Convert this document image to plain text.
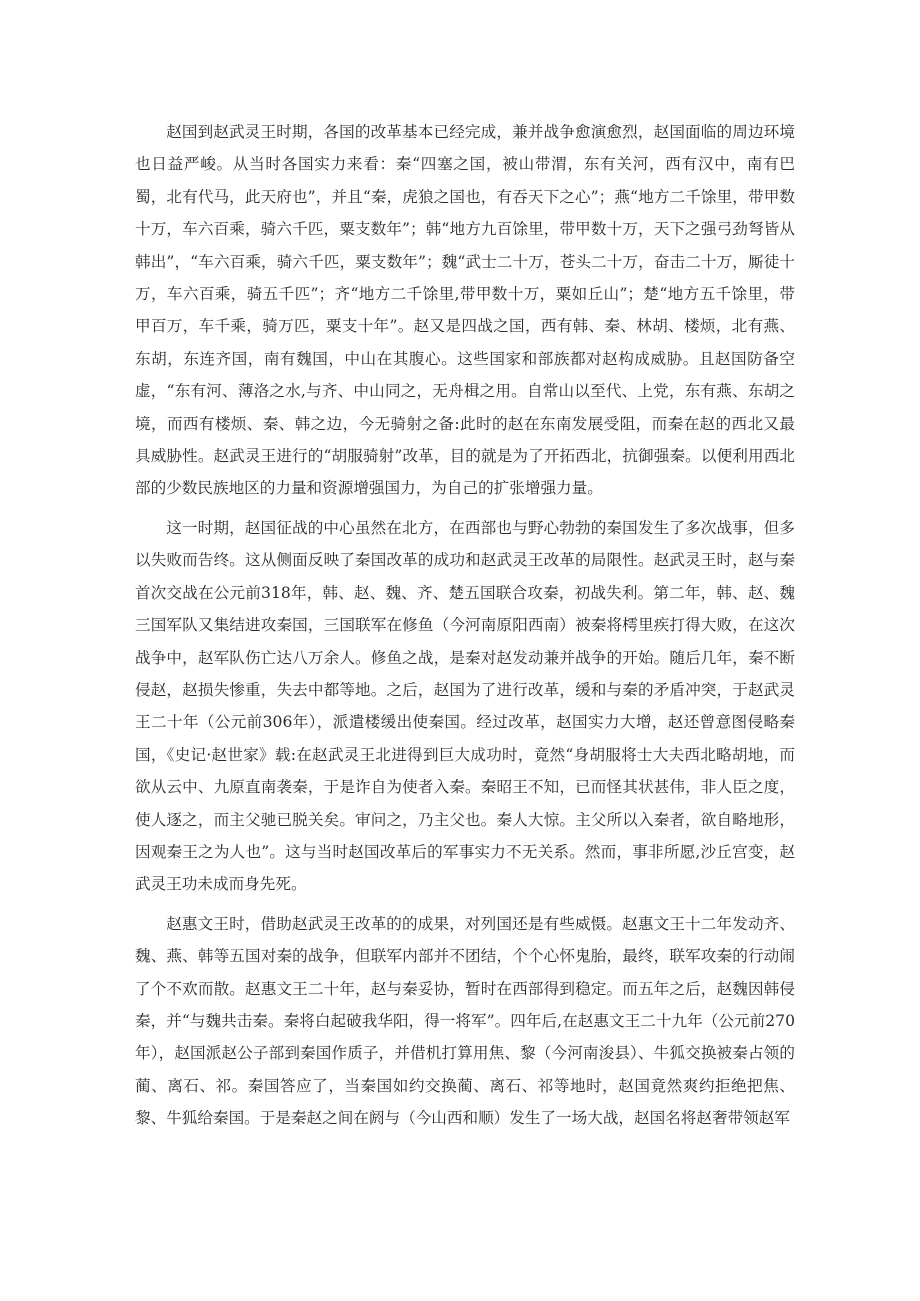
赵国到赵武灵王时期，各国的改革基本已经完成，兼并战争愈演愈烈，赵国面临的周边环境也日益严峻。从当时各国实力来看：秦“四塞之国，被山带渭，东有关河，西有汉中，南有巴蜀，北有代马，此天府也”，并且“秦，虎狼之国也，有吞天下之心”；燕“地方二千馀里，带甲数十万，车六百乘，骑六千匹，粟支数年”；韩“地方九百馀里，带甲数十万，天下之强弓劲弩皆从韩出”，“车六百乘，骑六千匹，粟支数年”；魏“武士二十万，苍头二十万，奋击二十万，厮徒十万，车六百乘，骑五千匹”；齐“地方二千馀里,带甲数十万，粟如丘山”；楚“地方五千馀里，带甲百万，车千乘，骑万匹，粟支十年”。赵又是四战之国，西有韩、秦、林胡、楼烦，北有燕、东胡，东连齐国，南有魏国，中山在其腹心。这些国家和部族都对赵构成威胁。且赵国防备空虚，“东有河、薄洛之水,与齐、中山同之，无舟楫之用。自常山以至代、上党，东有燕、东胡之境，而西有楼烦、秦、韩之边，今无骑射之备:此时的赵在东南发展受阻，而秦在赵的西北又最具威胁性。赵武灵王进行的“胡服骑射”改革，目的就是为了开拓西北，抗御强秦。以便利用西北部的少数民族地区的力量和资源增强国力，为自己的扩张增强力量。

这一时期，赵国征战的中心虽然在北方，在西部也与野心勃勃的秦国发生了多次战事，但多以失败而告终。这从侧面反映了秦国改革的成功和赵武灵王改革的局限性。赵武灵王时，赵与秦首次交战在公元前318年，韩、赵、魏、齐、楚五国联合攻秦，初战失利。第二年，韩、赵、魏三国军队又集结进攻秦国，三国联军在修鱼（今河南原阳西南）被秦将樗里疾打得大败，在这次战争中，赵军队伤亡达八万余人。修鱼之战，是秦对赵发动兼并战争的开始。随后几年，秦不断侵赵，赵损失惨重，失去中都等地。之后，赵国为了进行改革，缓和与秦的矛盾冲突，于赵武灵王二十年（公元前306年），派遣楼缓出使秦国。经过改革，赵国实力大增，赵还曾意图侵略秦国，《史记·赵世家》载:在赵武灵王北进得到巨大成功时，竟然“身胡服将士大夫西北略胡地，而欲从云中、九原直南袭秦，于是诈自为使者入秦。秦昭王不知，已而怪其状甚伟，非人臣之度，使人逐之，而主父驰已脱关矣。审问之，乃主父也。秦人大惊。主父所以入秦者，欲自略地形，因观秦王之为人也”。这与当时赵国改革后的军事实力不无关系。然而，事非所愿,沙丘宫变，赵武灵王功未成而身先死。

赵惠文王时，借助赵武灵王改革的的成果，对列国还是有些威慑。赵惠文王十二年发动齐、魏、燕、韩等五国对秦的战争，但联军内部并不团结，个个心怀鬼胎，最终，联军攻秦的行动闹了个不欢而散。赵惠文王二十年，赵与秦妥协，暂时在西部得到稳定。而五年之后，赵魏因韩侵秦，并“与魏共击秦。秦将白起破我华阳，得一将军”。四年后,在赵惠文王二十九年（公元前270年），赵国派赵公子部到秦国作质子，并借机打算用焦、黎（今河南浚县）、牛狐交换被秦占领的蔺、离石、祁。秦国答应了，当秦国如约交换蔺、离石、祁等地时，赵国竟然爽约拒绝把焦、黎、牛狐给秦国。于是秦赵之间在阏与（今山西和顺）发生了一场大战，赵国名将赵奢带领赵军
